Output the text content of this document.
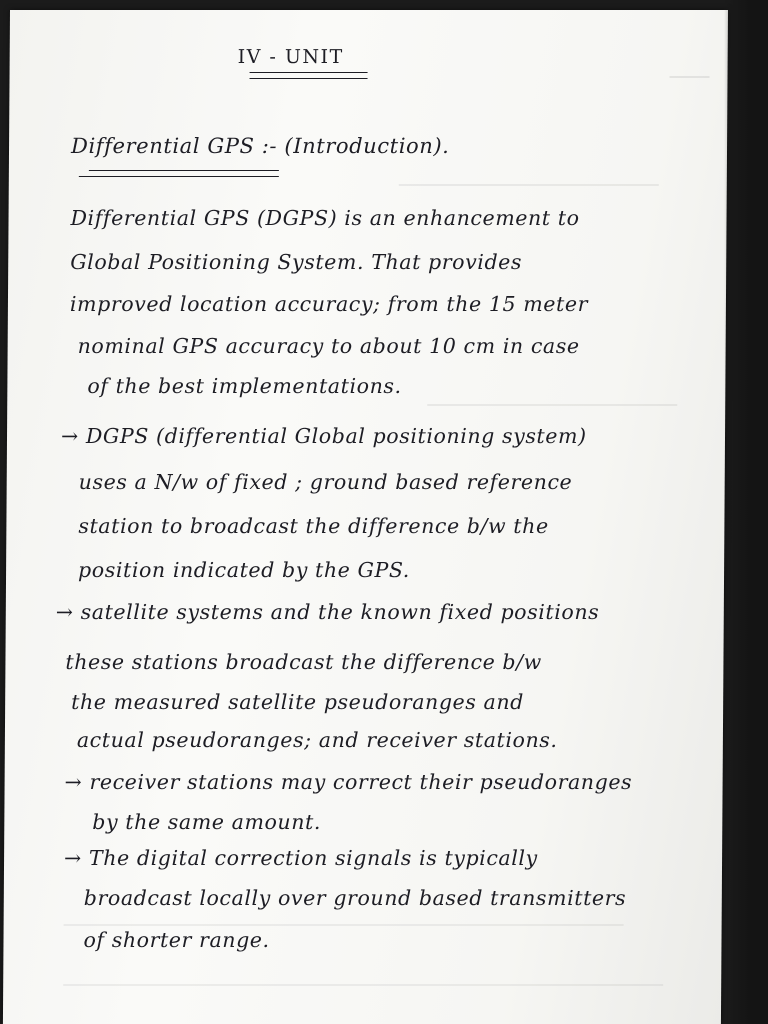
IV - UNIT
Differential GPS :- (Introduction).
Differential GPS (DGPS) is an enhancement to
Global Positioning System. That provides
improved location accuracy; from the 15 meter
nominal GPS accuracy to about 10 cm in case
of the best implementations.
→ DGPS (differential Global positioning system)
uses a N/w of fixed ; ground based reference
station to broadcast the difference b/w the
position indicated by the GPS.
→ satellite systems and the known fixed positions
these stations broadcast the difference b/w
the measured satellite pseudoranges and
actual pseudoranges; and receiver stations.
→ receiver stations may correct their pseudoranges
by the same amount.
→ The digital correction signals is typically
broadcast locally over ground based transmitters
of shorter range.
